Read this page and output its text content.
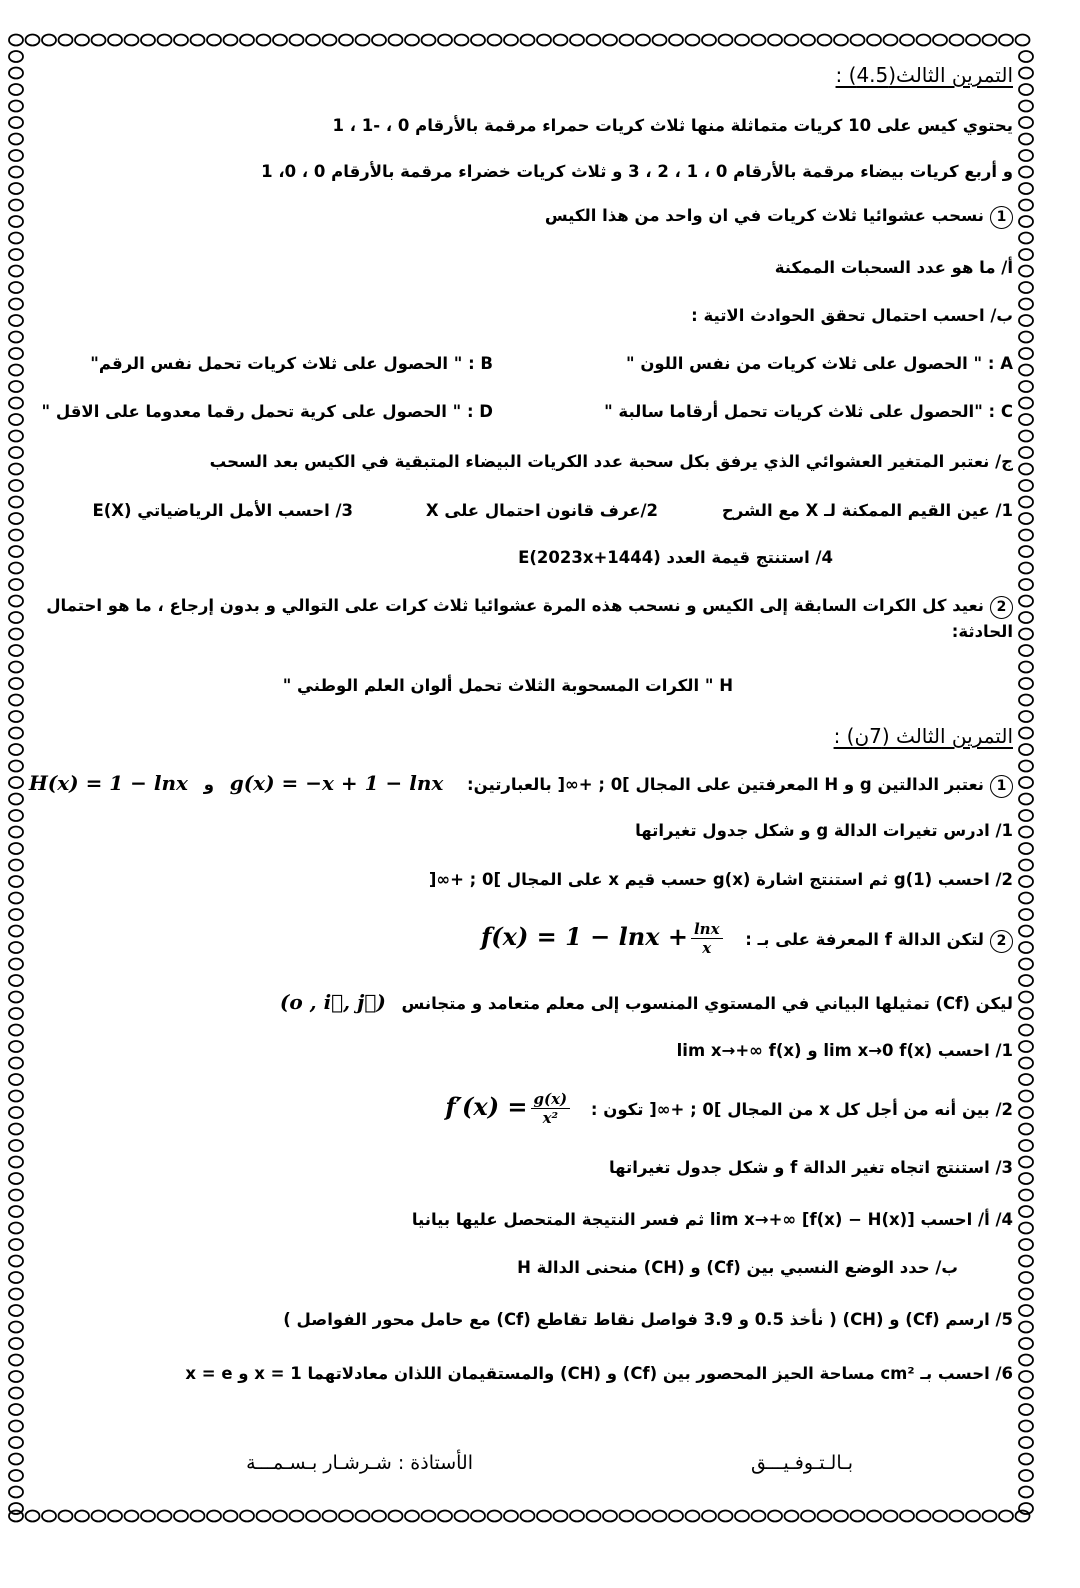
التمرين الثالث(4.5) :
يحتوي كيس على 10 كريات متماثلة منها ثلاث كريات حمراء مرقمة بالأرقام 0 ، -1 ، 1
و أربع كريات بيضاء مرقمة بالأرقام 0 ، 1 ، 2 ، 3 و ثلاث كريات خضراء مرقمة بالأرقام 0 ، 0، 1
1نسحب عشوائيا ثلاث كريات في ان واحد من هذا الكيس
أ/ ما هو عدد السحبات الممكنة
ب/ احسب احتمال تحقق الحوادث الاتية :
A : " الحصول على ثلاث كريات من نفس اللون "
B : " الحصول على ثلاث كريات تحمل نفس الرقم"
C : "الحصول على ثلاث كريات تحمل أرقاما سالبة "
D : " الحصول على كرية تحمل رقما معدوما على الاقل "
ج/ نعتبر المتغير العشوائي الذي يرفق بكل سحبة عدد الكريات البيضاء المتبقية في الكيس بعد السحب
1/ عين القيم الممكنة لـ X مع الشرح
2/عرف قانون احتمال على X
3/ احسب الأمل الرياضياتي E(X)
4/ استنتج قيمة العدد E(2023x+1444)
2نعيد كل الكرات السابقة إلى الكيس و نسحب هذه المرة عشوائيا ثلاث كرات على التوالي و بدون إرجاع ، ما هو احتمال
الحادثة:
H " الكرات المسحوبة الثلاث تحمل ألوان العلم الوطني "
التمرين الثالث (7ن) :
1نعتبر الدالتين g و H المعرفتين على المجال ]0 ; +∞[ بالعبارتين: g(x) = −x + 1 − lnx و H(x) = 1 − lnx
1/ ادرس تغيرات الدالة g و شكل جدول تغيراتها
2/ احسب g(1) ثم استنتج اشارة g(x) حسب قيم x على المجال ]0 ; +∞[
2لتكن الدالة f المعرفة على بـ : $f(x) = 1 - \ln x + \frac{\ln x}{x}$
ليكن (Cf) تمثيلها البياني في المستوي المنسوب إلى معلم متعامد و متجانس (o , i⃗, j⃗)
1/ احسب lim x→0 f(x) و lim x→+∞ f(x)
2/ بين أنه من أجل كل x من المجال ]0 ; +∞[ تكون : $f'(x) = \frac{g(x)}{\text{x²}}$
3/ استنتج اتجاه تغير الدالة f و شكل جدول تغيراتها
4/ أ/ احسب lim x→+∞ [f(x) − H(x)] ثم فسر النتيجة المتحصل عليها بيانيا
ب/ حدد الوضع النسبي بين (Cf) و (CH) منحنى الدالة H
5/ ارسم (Cf) و (CH) ( نأخذ 0.5 و 3.9 فواصل نقاط تقاطع (Cf) مع حامل محور الفواصل )
6/ احسب بـ cm² مساحة الحيز المحصور بين (Cf) و (CH) والمستقيمان اللذان معادلاتهما x = 1 و x = e
بـالـتـوفـيـــق
الأستاذة : شـرشـار بـسـمـــة
